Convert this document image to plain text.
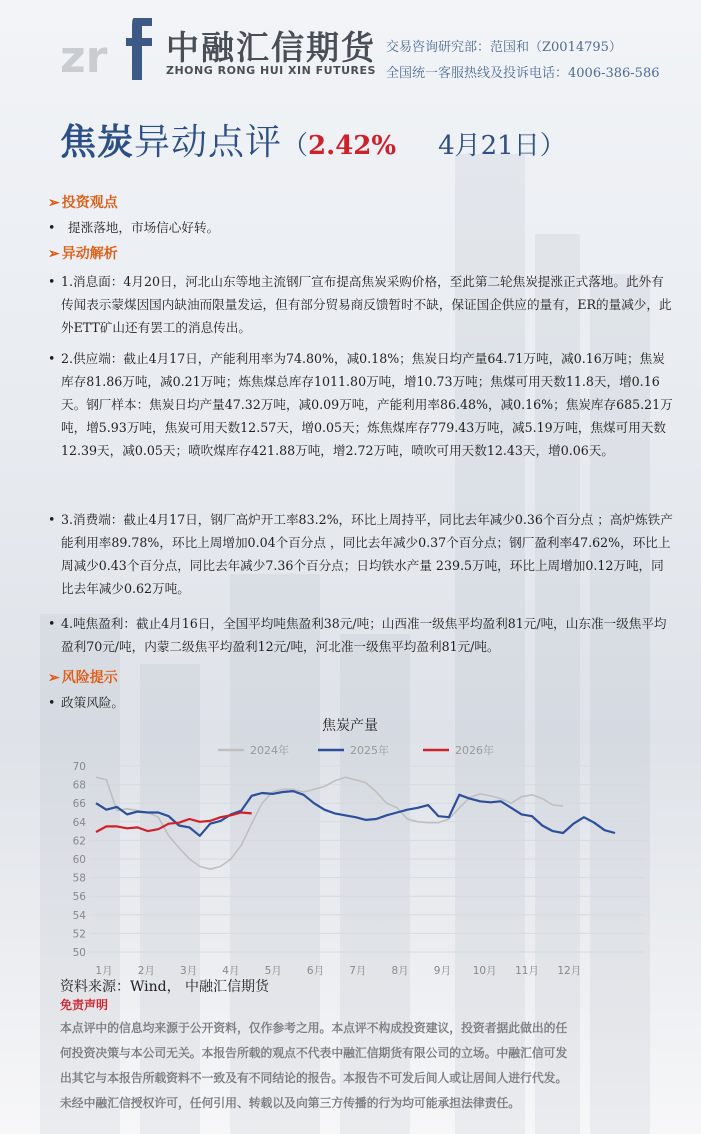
zr 中融汇信期货
ZHONG RONG HUI XIN FUTURES
交易咨询研究部：范国和（Z0014795）
全国统一客服热线及投诉电话：4006-386-586
焦炭异动点评（2.42% 4月21日）
➢ 投资观点
• 提涨落地，市场信心好转。
➢ 异动解析
• 1.消息面：4月20日，河北山东等地主流钢厂宣布提高焦炭采购价格，至此第二轮焦炭提涨正式落地。此外有传闻表示蒙煤因国内缺油而限量发运，但有部分贸易商反馈暂时不缺，保证国企供应的量有，ER的量减少，此外ETT矿山还有罢工的消息传出。
• 2.供应端：截止4月17日，产能利用率为74.80%，减0.18%；焦炭日均产量64.71万吨，减0.16万吨；焦炭库存81.86万吨，减0.21万吨；炼焦煤总库存1011.80万吨，增10.73万吨；焦煤可用天数11.8天，增0.16天。钢厂样本：焦炭日均产量47.32万吨，减0.09万吨，产能利用率86.48%，减0.16%；焦炭库存685.21万吨，增5.93万吨，焦炭可用天数12.57天，增0.05天；炼焦煤库存779.43万吨，减5.19万吨，焦煤可用天数12.39天，减0.05天；喷吹煤库存421.88万吨，增2.72万吨，喷吹可用天数12.43天，增0.06天。
• 3.消费端：截止4月17日，钢厂高炉开工率83.2%，环比上周持平，同比去年减少0.36个百分点 ；高炉炼铁产能利用率89.78%，环比上周增加0.04个百分点 ，同比去年减少0.37个百分点；钢厂盈利率47.62%，环比上周减少0.43个百分点，同比去年减少7.36个百分点；日均铁水产量 239.5万吨，环比上周增加0.12万吨，同比去年减少0.62万吨。
• 4.吨焦盈利：截止4月16日，全国平均吨焦盈利38元/吨；山西准一级焦平均盈利81元/吨，山东准一级焦平均盈利70元/吨，内蒙二级焦平均盈利12元/吨，河北准一级焦平均盈利81元/吨。
➢ 风险提示
• 政策风险。
焦炭产量
2024年	2025年	2026年
50
52
54
56
58
60
62
64
66
68
70
1月 2月 3月 4月 5月 6月 7月 8月 9月 10月 11月 12月
资料来源：Wind， 中融汇信期货
免责声明

本点评中的信息均来源于公开资料，仅作参考之用。本点评不构成投资建议，投资者据此做出的任

何投资决策与本公司无关。本报告所载的观点不代表中融汇信期货有限公司的立场。中融汇信可发

出其它与本报告所载资料不一致及有不同结论的报告。本报告不可发后间人或让居间人进行代发。

未经中融汇信授权许可，任何引用、转载以及向第三方传播的行为均可能承担法律责任。
